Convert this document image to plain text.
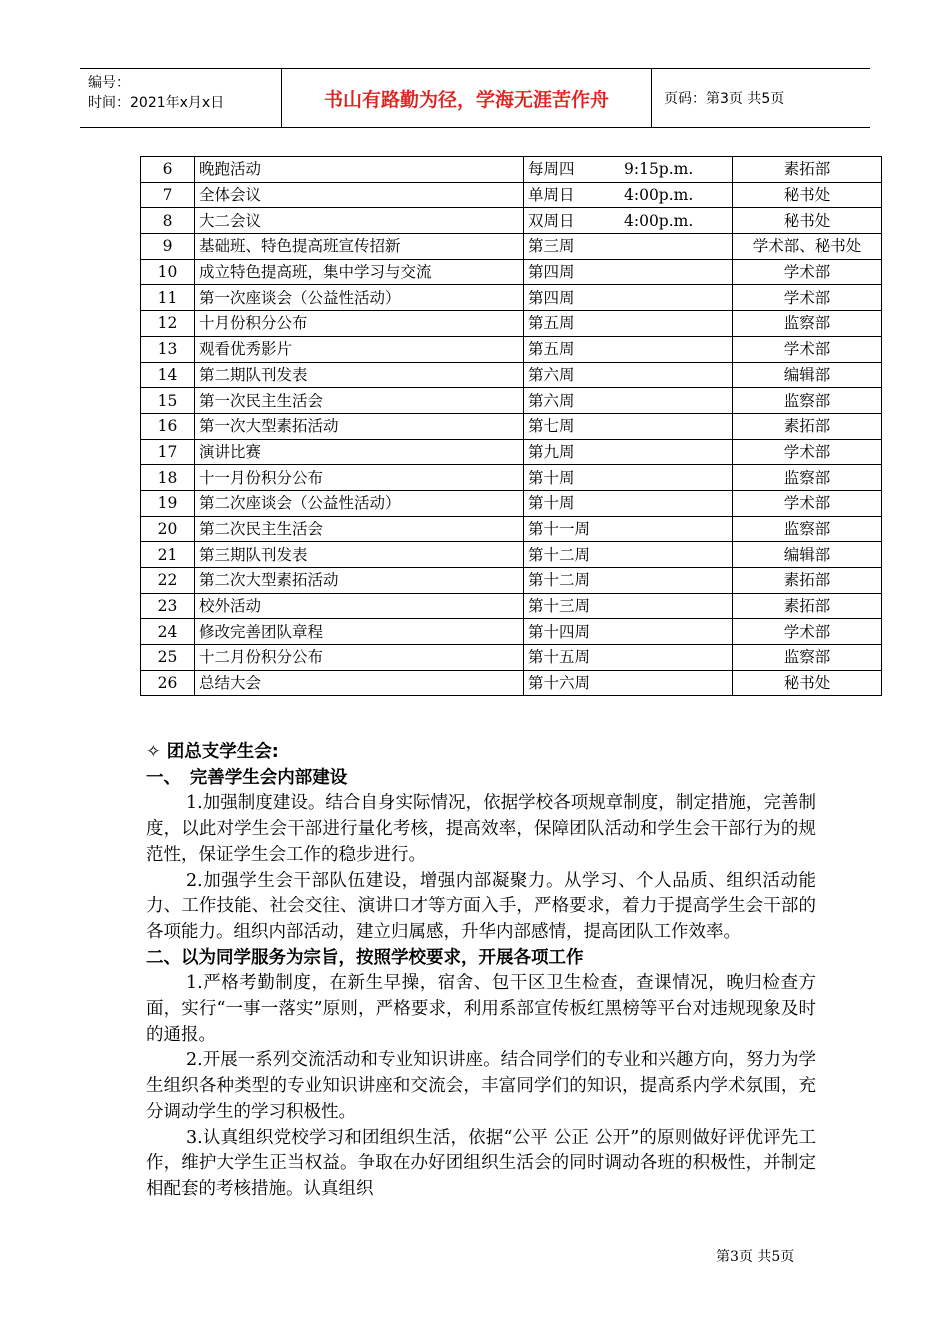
编号：
时间：2021年x月x日	书山有路勤为径，学海无涯苦作舟	页码：第3页 共5页
6	晚跑活动	每周四 9:15p.m.	素拓部
7	全体会议	单周日 4:00p.m.	秘书处
8	大二会议	双周日 4:00p.m.	秘书处
9	基础班、特色提高班宣传招新	第三周	学术部、秘书处
10	成立特色提高班，集中学习与交流	第四周	学术部
11	第一次座谈会（公益性活动）	第四周	学术部
12	十月份积分公布	第五周	监察部
13	观看优秀影片	第五周	学术部
14	第二期队刊发表	第六周	编辑部
15	第一次民主生活会	第六周	监察部
16	第一次大型素拓活动	第七周	素拓部
17	演讲比赛	第九周	学术部
18	十一月份积分公布	第十周	监察部
19	第二次座谈会（公益性活动）	第十周	学术部
20	第二次民主生活会	第十一周	监察部
21	第三期队刊发表	第十二周	编辑部
22	第二次大型素拓活动	第十二周	素拓部
23	校外活动	第十三周	素拓部
24	修改完善团队章程	第十四周	学术部
25	十二月份积分公布	第十五周	监察部
26	总结大会	第十六周	秘书处

✧ 团总支学生会:

一、　完善学生会内部建设

1.加强制度建设。结合自身实际情况，依据学校各项规章制度，制定措施，完善制度，以此对学生会干部进行量化考核，提高效率，保障团队活动和学生会干部行为的规范性，保证学生会工作的稳步进行。

2.加强学生会干部队伍建设，增强内部凝聚力。从学习、个人品质、组织活动能力、工作技能、社会交往、演讲口才等方面入手，严格要求，着力于提高学生会干部的各项能力。组织内部活动，建立归属感，升华内部感情，提高团队工作效率。

二、以为同学服务为宗旨，按照学校要求，开展各项工作

1.严格考勤制度，在新生早操，宿舍、包干区卫生检查，查课情况，晚归检查方面，实行“一事一落实”原则，严格要求，利用系部宣传板红黑榜等平台对违规现象及时的通报。

2.开展一系列交流活动和专业知识讲座。结合同学们的专业和兴趣方向，努力为学生组织各种类型的专业知识讲座和交流会，丰富同学们的知识，提高系内学术氛围，充分调动学生的学习积极性。

3.认真组织党校学习和团组织生活，依据“公平 公正 公开”的原则做好评优评先工作，维护大学生正当权益。争取在办好团组织生活会的同时调动各班的积极性，并制定相配套的考核措施。认真组织

第3页 共5页
